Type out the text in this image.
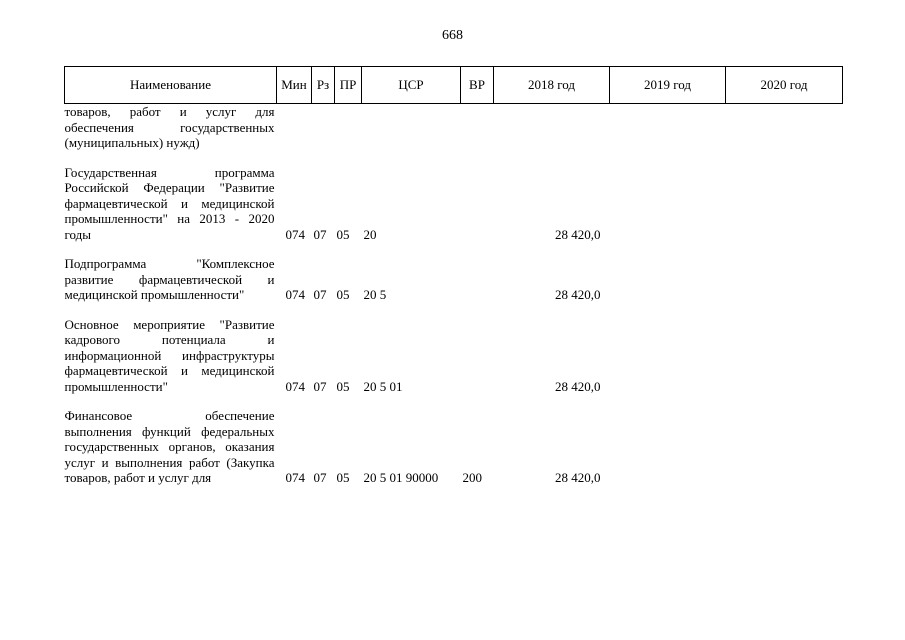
668
Наименование	Мин	Рз	ПР	ЦСР	ВР	2018 год	2019 год	2020 год
товаров, работ и услуг для обеспечения государственных (муниципальных) нужд)								

Государственная программа Российской Федерации "Развитие фармацевтической и медицинской промышленности" на 2013 - 2020 годы	074	07	05	20		28 420,0		

Подпрограмма "Комплексное развитие фармацевтической и медицинской промышленности"	074	07	05	20 5		28 420,0		

Основное мероприятие "Развитие кадрового потенциала и информационной инфраструктуры фармацевтической и медицинской промышленности"	074	07	05	20 5 01		28 420,0		

Финансовое обеспечение выполнения функций федеральных государственных органов, оказания услуг и выполнения работ (Закупка товаров, работ и услуг для	074	07	05	20 5 01 90000	200	28 420,0		
